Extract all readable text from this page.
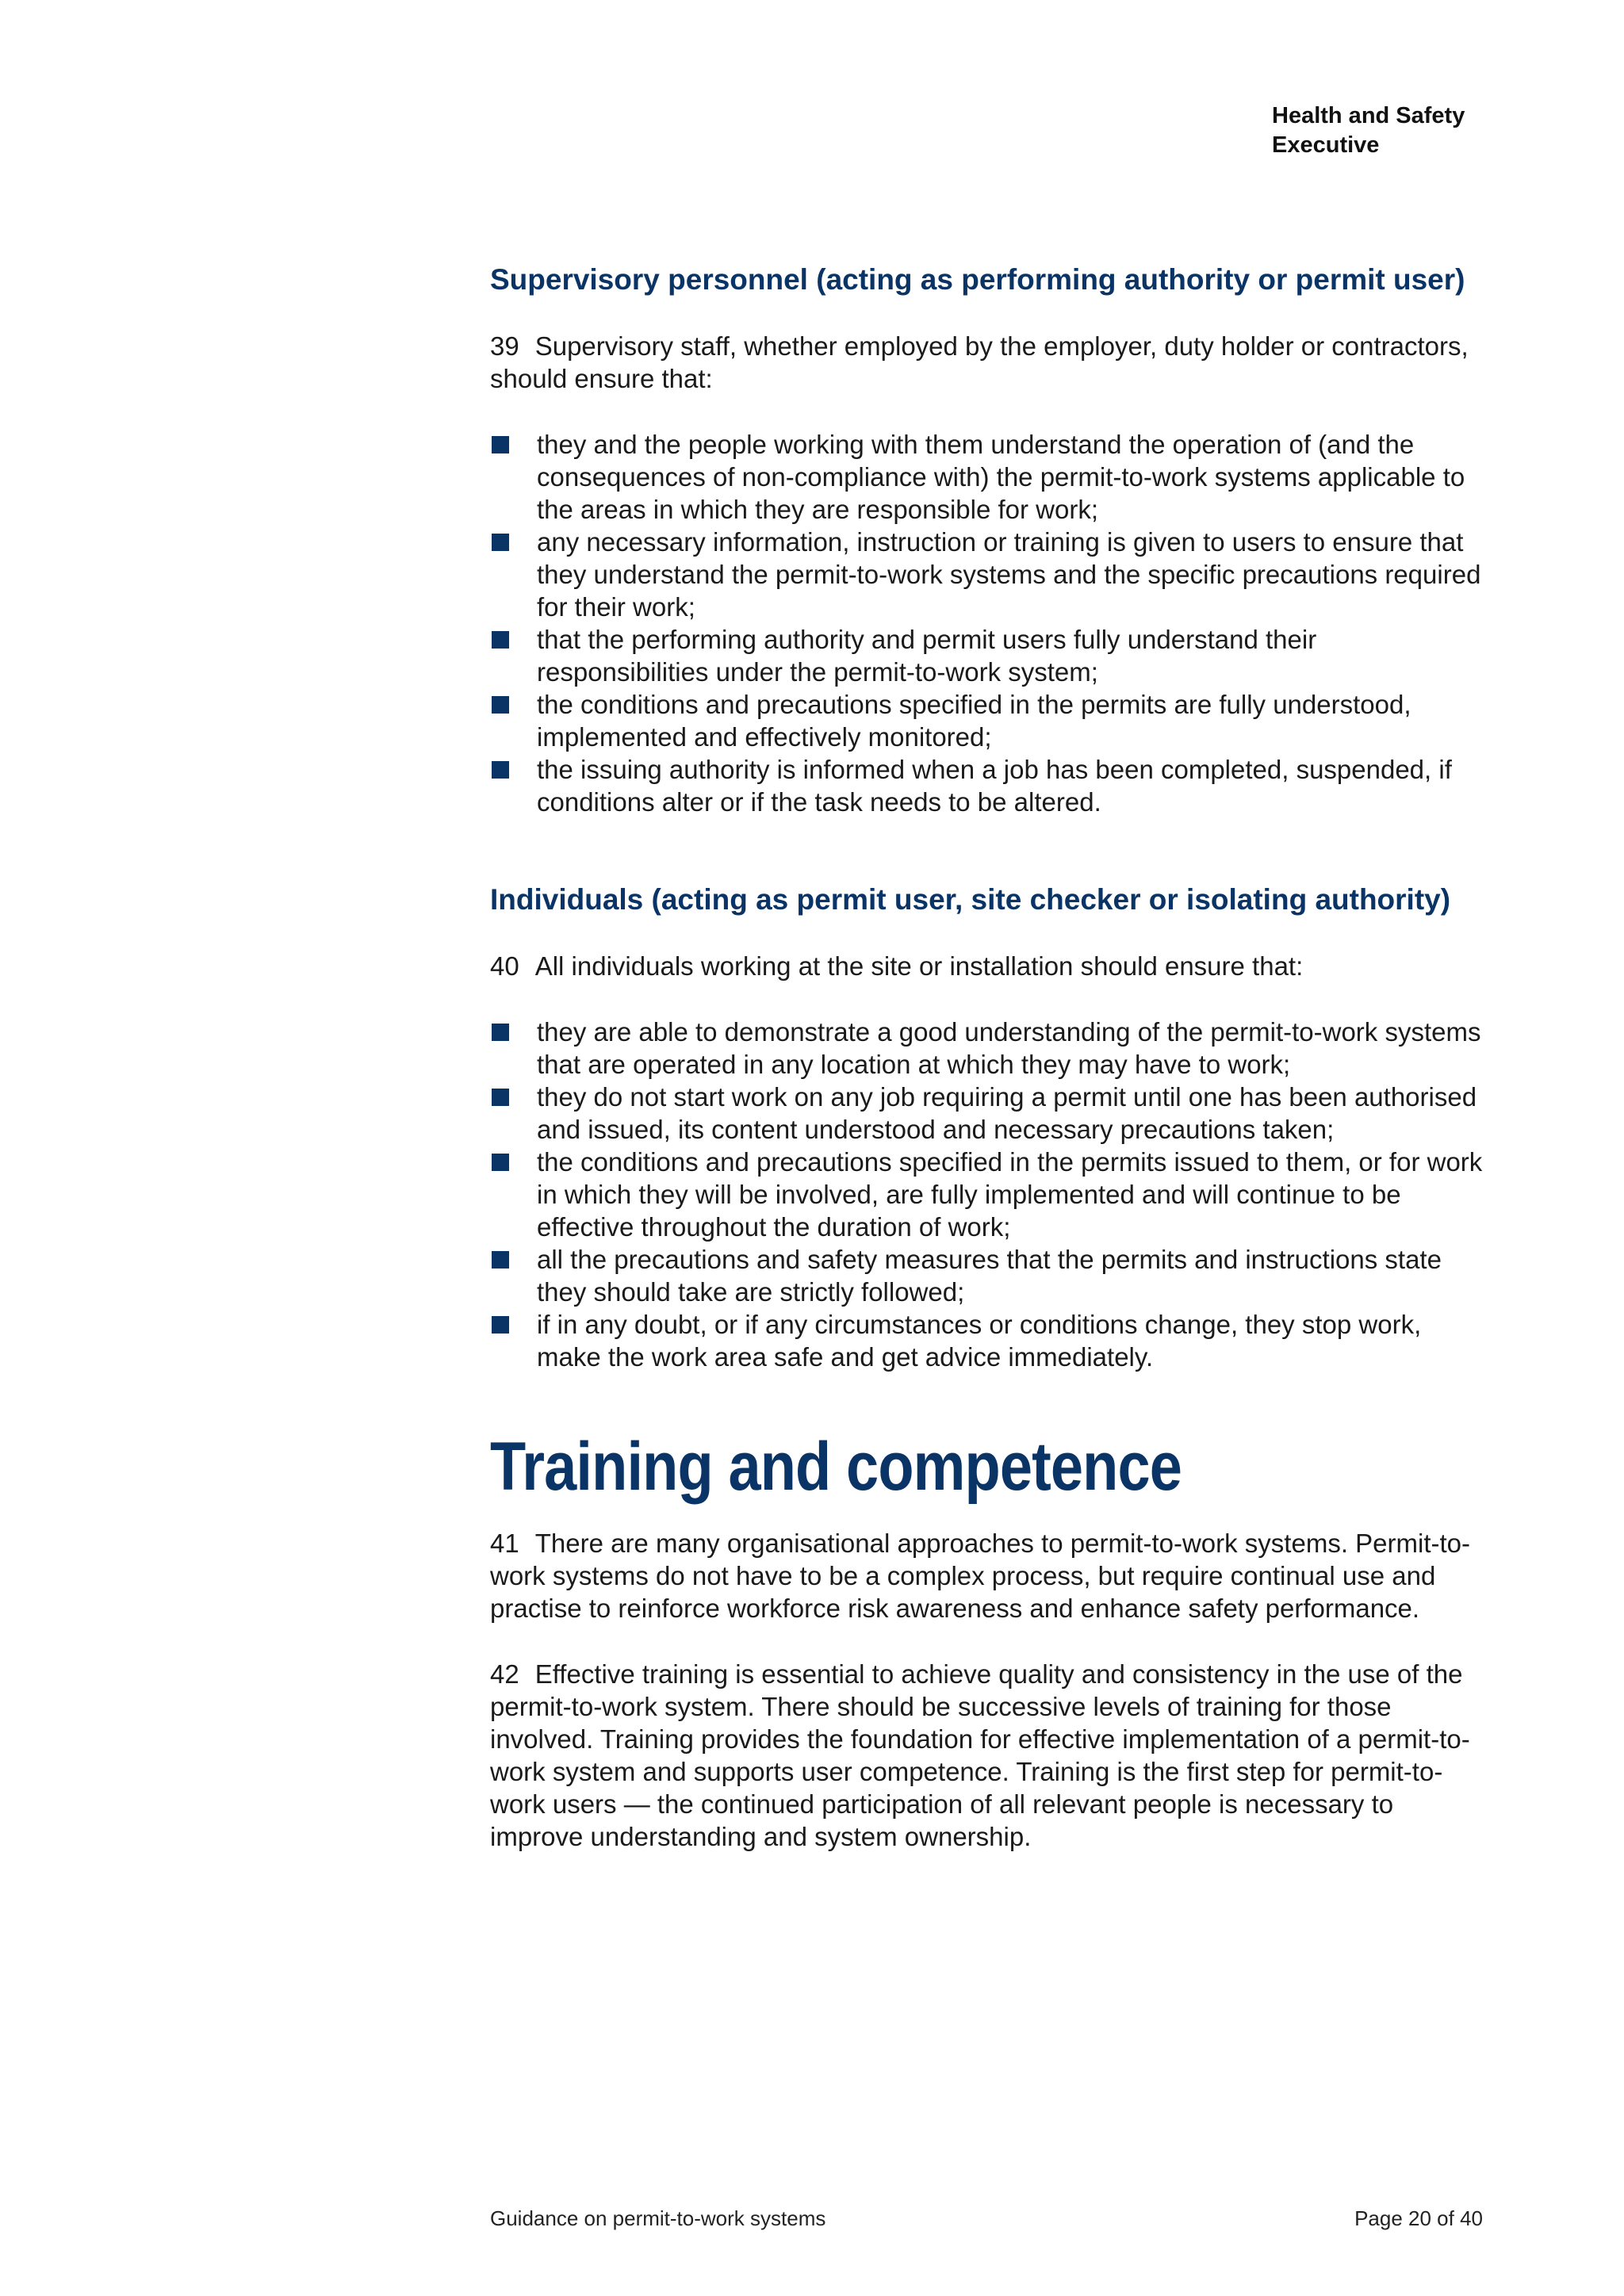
Health and Safety
Executive
Supervisory personnel (acting as performing authority or permit user)

39 Supervisory staff, whether employed by the employer, duty holder or contractors, should ensure that:

they and the people working with them understand the operation of (and the consequences of non-compliance with) the permit-to-work systems applicable to the areas in which they are responsible for work;
any necessary information, instruction or training is given to users to ensure that they understand the permit-to-work systems and the specific precautions required for their work;
that the performing authority and permit users fully understand their responsibilities under the permit-to-work system;
the conditions and precautions specified in the permits are fully understood, implemented and effectively monitored;
the issuing authority is informed when a job has been completed, suspended, if conditions alter or if the task needs to be altered.
Individuals (acting as permit user, site checker or isolating authority)

40 All individuals working at the site or installation should ensure that:

they are able to demonstrate a good understanding of the permit-to-work systems that are operated in any location at which they may have to work;
they do not start work on any job requiring a permit until one has been authorised and issued, its content understood and necessary precautions taken;
the conditions and precautions specified in the permits issued to them, or for work in which they will be involved, are fully implemented and will continue to be effective throughout the duration of work;
all the precautions and safety measures that the permits and instructions state they should take are strictly followed;
if in any doubt, or if any circumstances or conditions change, they stop work, make the work area safe and get advice immediately.
Training and competence

41 There are many organisational approaches to permit-to-work systems. Permit-to-work systems do not have to be a complex process, but require continual use and practise to reinforce workforce risk awareness and enhance safety performance.

42 Effective training is essential to achieve quality and consistency in the use of the permit-to-work system. There should be successive levels of training for those involved. Training provides the foundation for effective implementation of a permit-to-work system and supports user competence. Training is the first step for permit-to-work users — the continued participation of all relevant people is necessary to improve understanding and system ownership.

Guidance on permit-to-work systems	Page 20 of 40
